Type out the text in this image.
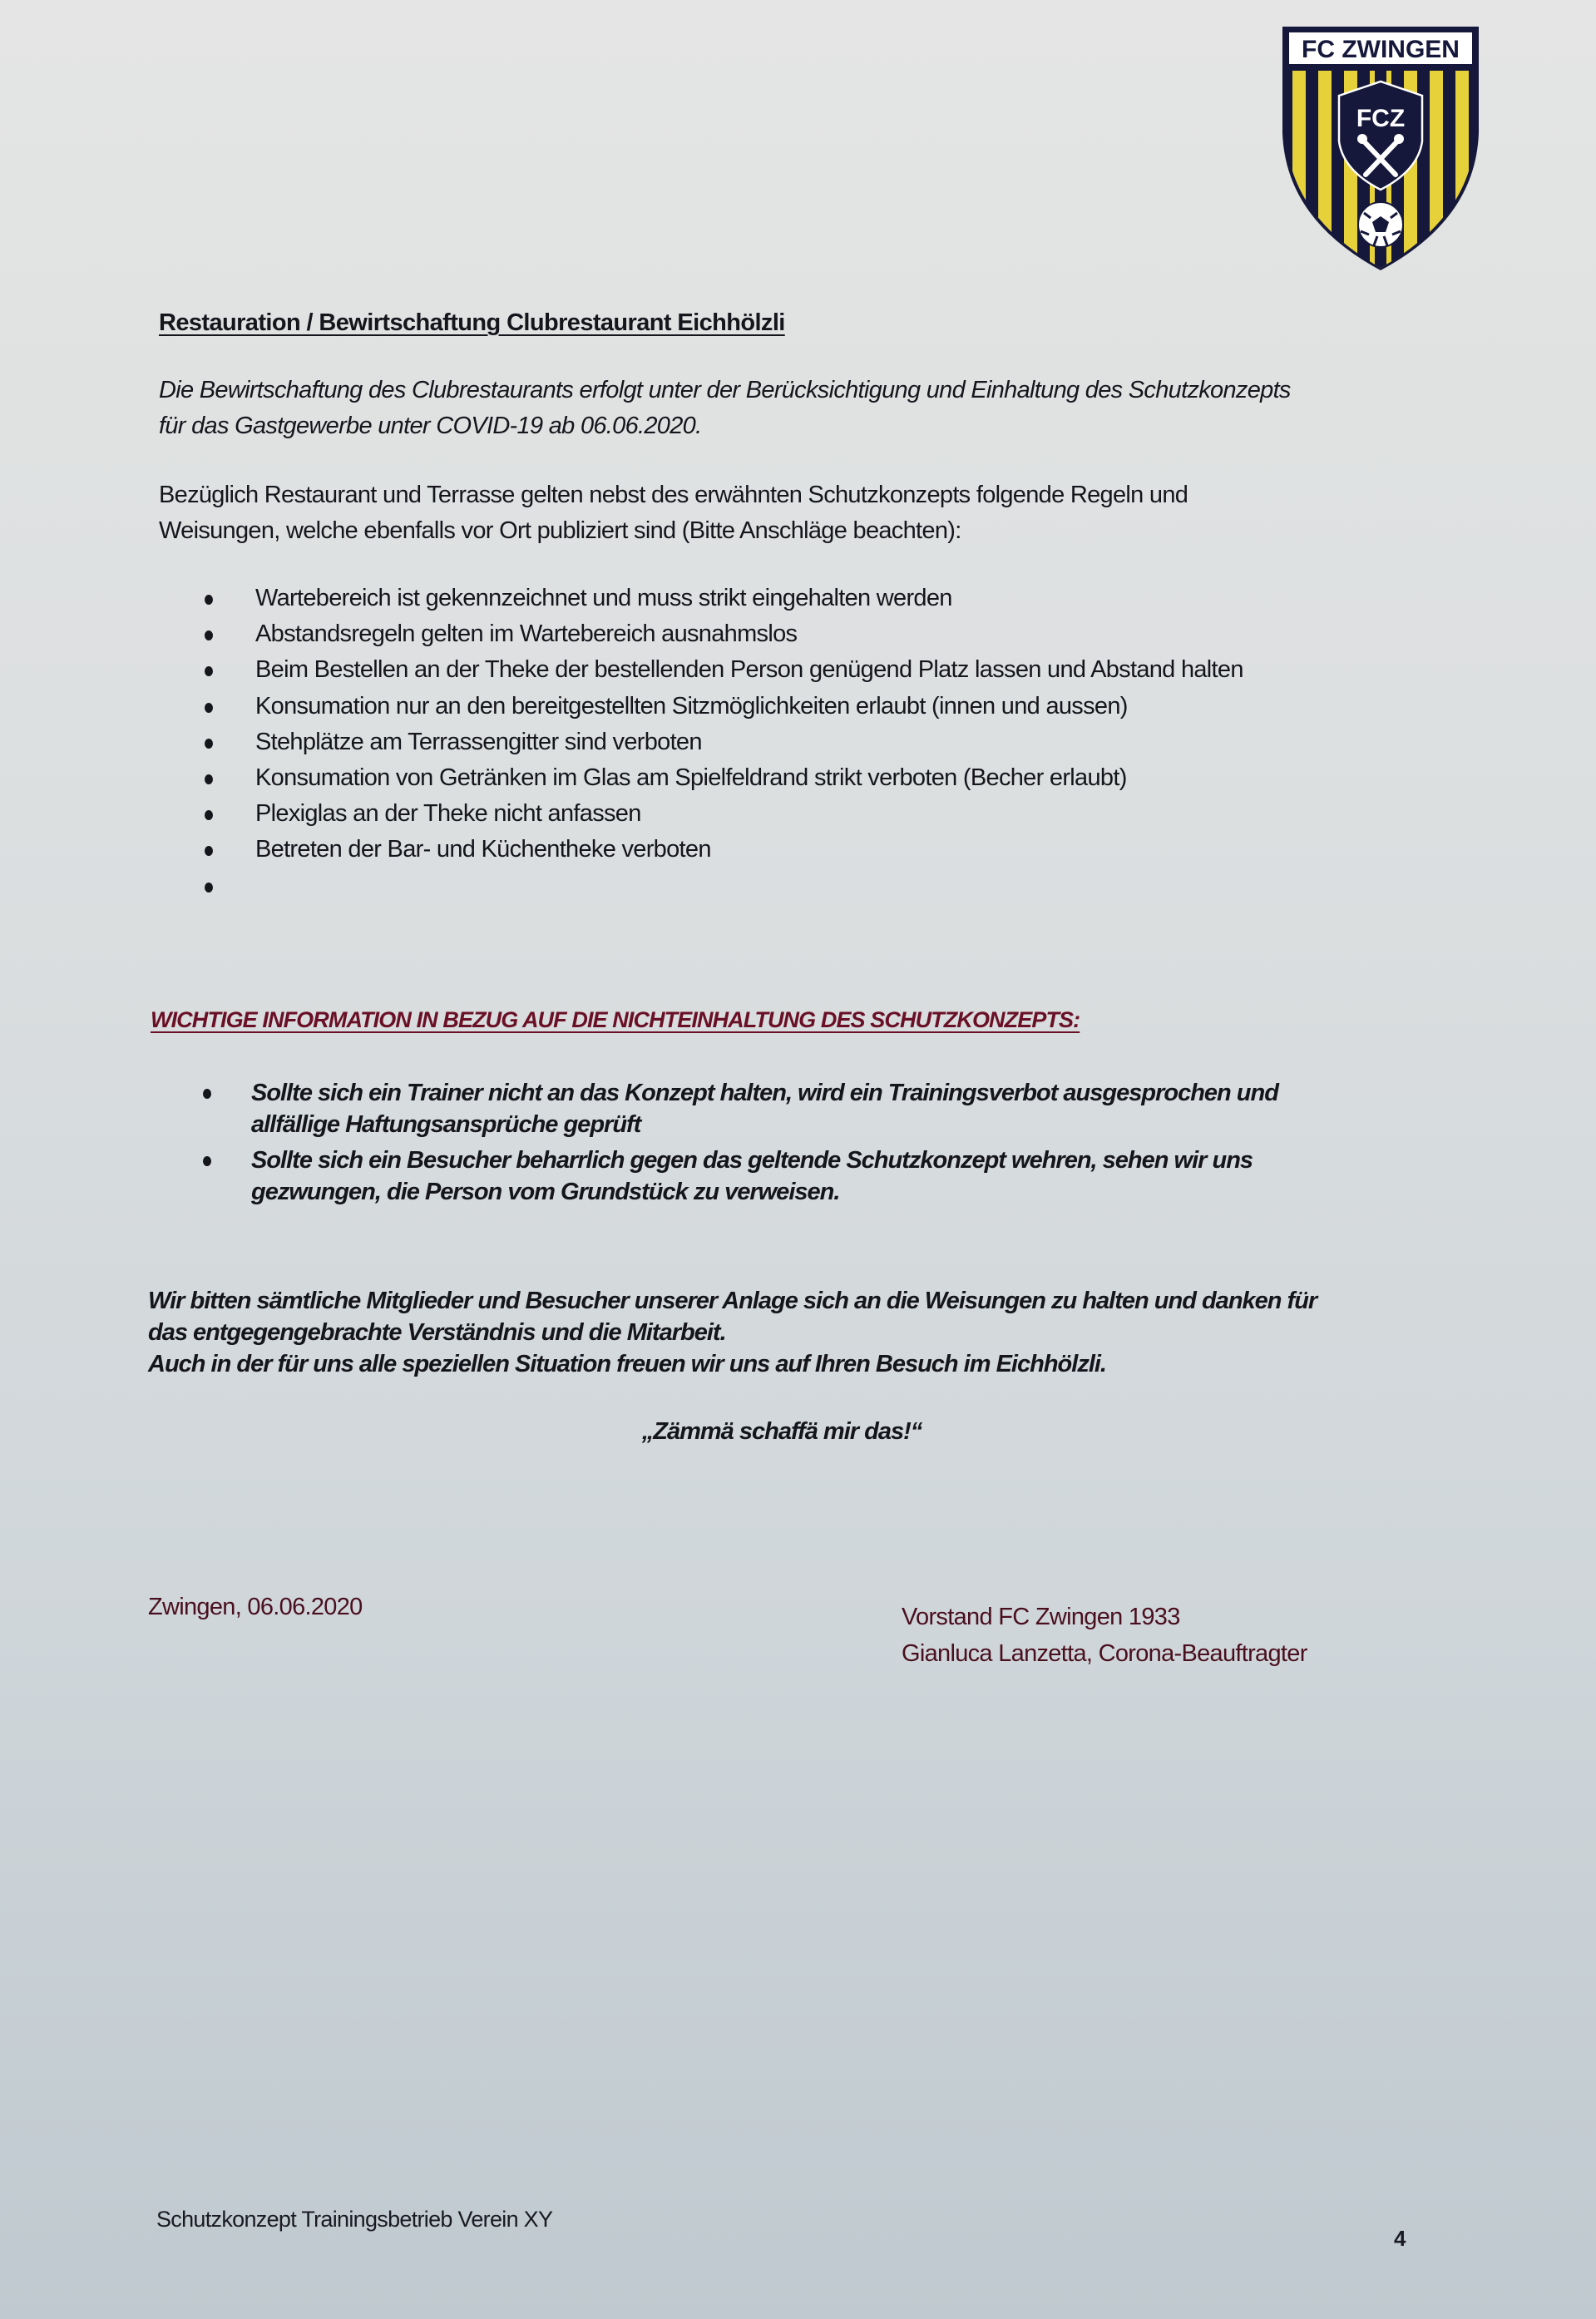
FC ZWINGEN
FCZ
Restauration / Bewirtschaftung Clubrestaurant Eichhölzli
Die Bewirtschaftung des Clubrestaurants erfolgt unter der Berücksichtigung und Einhaltung des Schutzkonzepts
für das Gastgewerbe unter COVID-19 ab 06.06.2020.
Bezüglich Restaurant und Terrasse gelten nebst des erwähnten Schutzkonzepts folgende Regeln und
Weisungen, welche ebenfalls vor Ort publiziert sind (Bitte Anschläge beachten):
Wartebereich ist gekennzeichnet und muss strikt eingehalten werden
Abstandsregeln gelten im Wartebereich ausnahmslos
Beim Bestellen an der Theke der bestellenden Person genügend Platz lassen und Abstand halten
Konsumation nur an den bereitgestellten Sitzmöglichkeiten erlaubt (innen und aussen)
Stehplätze am Terrassengitter sind verboten
Konsumation von Getränken im Glas am Spielfeldrand strikt verboten (Becher erlaubt)
Plexiglas an der Theke nicht anfassen
Betreten der Bar- und Küchentheke verboten
WICHTIGE INFORMATION IN BEZUG AUF DIE NICHTEINHALTUNG DES SCHUTZKONZEPTS:
Sollte sich ein Trainer nicht an das Konzept halten, wird ein Trainingsverbot ausgesprochen und
allfällige Haftungsansprüche geprüft
Sollte sich ein Besucher beharrlich gegen das geltende Schutzkonzept wehren, sehen wir uns
gezwungen, die Person vom Grundstück zu verweisen.
Wir bitten sämtliche Mitglieder und Besucher unserer Anlage sich an die Weisungen zu halten und danken für
das entgegengebrachte Verständnis und die Mitarbeit.
Auch in der für uns alle speziellen Situation freuen wir uns auf Ihren Besuch im Eichhölzli.
„Zämmä schaffä mir das!“
Zwingen, 06.06.2020	Vorstand FC Zwingen 1933
Gianluca Lanzetta, Corona-Beauftragter
Schutzkonzept Trainingsbetrieb Verein XY
4
